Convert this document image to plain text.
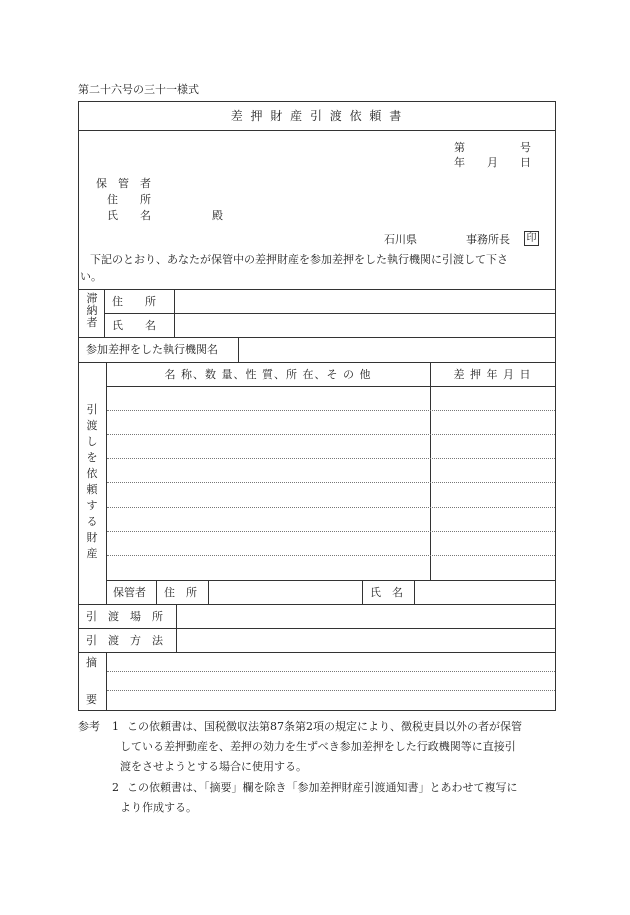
第二十六号の三十一様式
差 押 財 産 引 渡 依 頼 書
第　　　　　号
年　　月　　日
保　管　者
住　　所
氏　　名	殿
石川県	事務所長 印
下記のとおり、あなたが保管中の差押財産を参加差押をした執行機関に引渡して下さ
い。
滞
納
者
住　　所
氏　　名
参加差押をした執行機関名
名 称、数 量、性 質、所 在、そ の 他	差 押 年 月 日
引
渡
し
を
依
頼
す
る
財
産
保管者 住　所	氏　名
引　渡　場　所
引　渡　方　法
摘
要
参考 1 この依頼書は、国税徴収法第87条第2項の規定により、徴税吏員以外の者が保管
している差押動産を、差押の効力を生ずべき参加差押をした行政機関等に直接引
渡をさせようとする場合に使用する。
2 この依頼書は、「摘要」欄を除き「参加差押財産引渡通知書」とあわせて複写に
より作成する。
